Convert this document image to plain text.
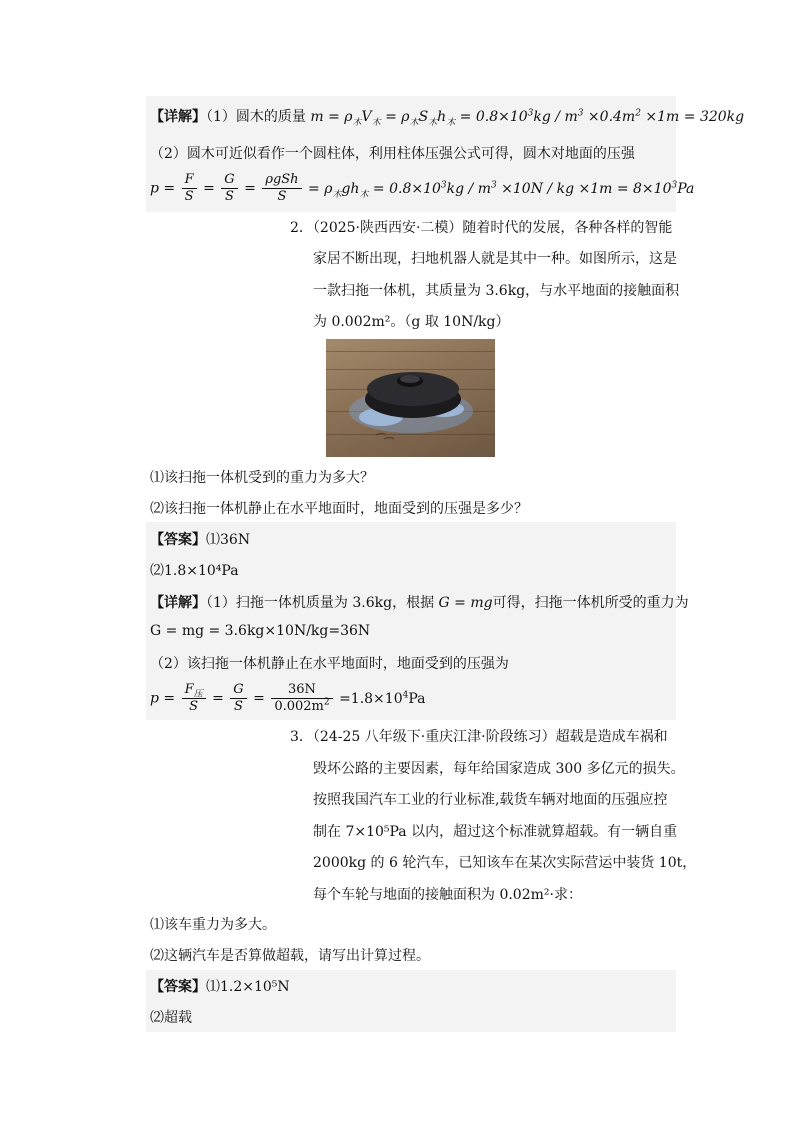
【详解】（1）圆木的质量 $m = \rho_木V_木 = \rho_木S_木h_木 = 0.8\times 10^3kg / m^3 \times 0.4m^2 \times 1m = 320kg$
（2）圆木可近似看作一个圆柱体，利用柱体压强公式可得，圆木对地面的压强
$p = \frac{F}{S} = \frac{G}{S} = \frac{\text{ρgSh}}{S} = \rho_木gh_木 = 0.8\times 10^3kg / m^3 \times 10N$ / kg $\times 1m = 8\times 10^3Pa$
2．（2025·陕西西安·二模）随着时代的发展，各种各样的智能
家居不断出现，扫地机器人就是其中一种。如图所示，这是
一款扫拖一体机，其质量为 3.6kg，与水平地面的接触面积
为 0.002m²。（g 取 10N/kg）
⑴该扫拖一体机受到的重力为多大？
⑵该扫拖一体机静止在水平地面时，地面受到的压强是多少？
【答案】⑴36N
⑵1.8×10⁴Pa
【详解】（1）扫拖一体机质量为 3.6kg，根据 G = mg可得，扫拖一体机所受的重力为
G = mg = 3.6kg×10N/kg=36N
（2）该扫拖一体机静止在水平地面时，地面受到的压强为
$p = \frac{F_压}{S} = \frac{G}{S} = \frac{36N}{0.002m^2} =1.8\times 10^4Pa$
3．（24-25 八年级下·重庆江津·阶段练习）超载是造成车祸和
毁坏公路的主要因素，每年给国家造成 300 多亿元的损失。
按照我国汽车工业的行业标准,载货车辆对地面的压强应控
制在 7×10⁵Pa 以内，超过这个标准就算超载。有一辆自重
2000kg 的 6 轮汽车，已知该车在某次实际营运中装货 10t，
每个车轮与地面的接触面积为 0.02m²·求：
⑴该车重力为多大。
⑵这辆汽车是否算做超载，请写出计算过程。
【答案】⑴1.2×10⁵N
⑵超载
